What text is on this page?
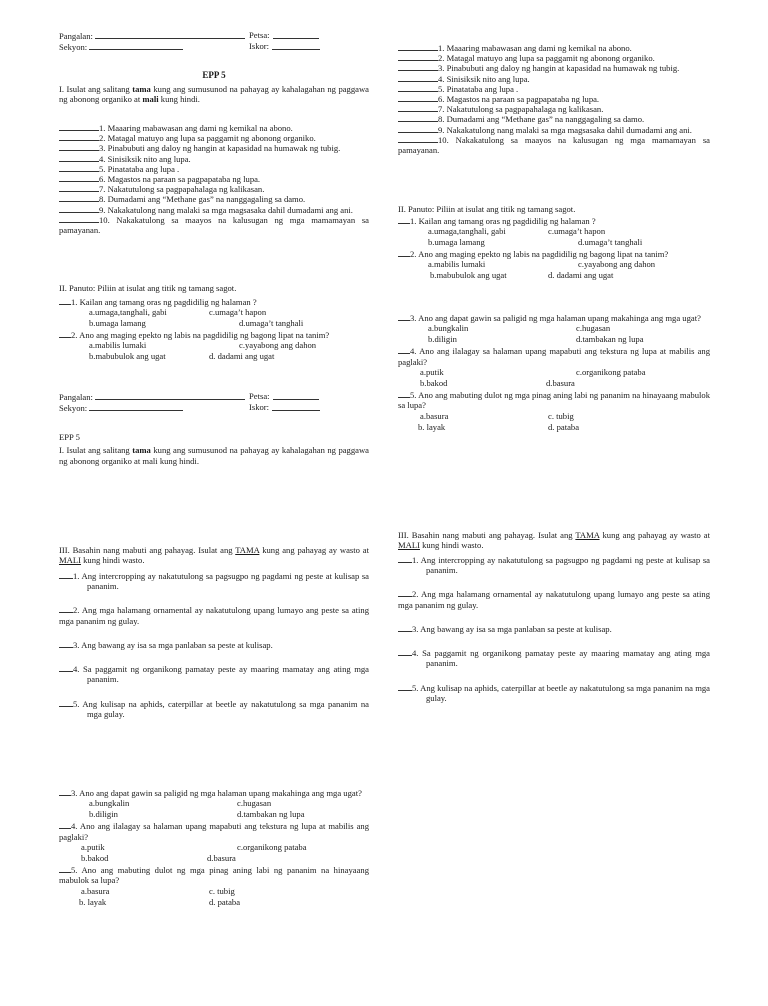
Pangalan:	Petsa:
Sekyon:	Iskor:
EPP 5
I. Isulat ang salitang tama kung ang sumusunod na pahayag ay kahalagahan ng paggawa ng abonong organiko at mali kung hindi.
1. Maaaring mabawasan ang dami ng kemikal na abono.
2. Matagal matuyo ang lupa sa paggamit ng abonong organiko.
3. Pinabubuti ang daloy ng hangin at kapasidad na humawak ng tubig.
4. Sinisiksik nito ang lupa.
5. Pinatataba ang lupa .
6. Magastos na paraan sa pagpapataba ng lupa.
7. Nakatutulong sa pagpapahalaga ng kalikasan.
8. Dumadami ang “Methane gas” na nanggagaling sa damo.
9. Nakakatulong nang malaki sa mga magsasaka dahil dumadami ang ani.
10. Nakakatulong sa maayos na kalusugan ng mga mamamayan sa pamayanan.
II. Panuto: Piliin at isulat ang titik ng tamang sagot.
1. Kailan ang tamang oras ng pagdidilig ng halaman ?
a.umaga,tanghali, gabi	c.umaga’t hapon
b.umaga lamang	d.umaga’t tanghali
2. Ano ang maging epekto ng labis na pagdidilig ng bagong lipat na tanim?
a.mabilis lumaki	c.yayabong ang dahon
b.mabubulok ang ugat	d. dadami ang ugat
Pangalan:	Petsa:
Sekyon:	Iskor:
EPP 5
I. Isulat ang salitang tama kung ang sumusunod na pahayag ay kahalagahan ng paggawa ng abonong organiko at mali kung hindi.
III. Basahin nang mabuti ang pahayag. Isulat ang TAMA kung ang pahayag ay wasto at MALI kung hindi wasto.
1. Ang intercropping ay nakatutulong sa pagsugpo ng pagdami ng peste at kulisap sa pananim.
2. Ang mga halamang ornamental ay nakatutulong upang lumayo ang peste sa ating mga pananim ng gulay.
3. Ang bawang ay isa sa mga panlaban sa peste at kulisap.
4. Sa paggamit ng organikong pamatay peste ay maaring mamatay ang ating mga pananim.
5. Ang kulisap na aphids, caterpillar at beetle ay nakatutulong sa mga pananim na mga gulay.
3. Ano ang dapat gawin sa paligid ng mga halaman upang makahinga ang mga ugat?
a.bungkalin	c.hugasan
b.diligin	d.tambakan ng lupa
4. Ano ang ilalagay sa halaman upang mapabuti ang tekstura ng lupa at mabilis ang paglaki?
a.putik	c.organikong pataba
b.bakod	d.basura
5. Ano ang mabuting dulot ng mga pinag aning labi ng pananim na hinayaang mabulok sa lupa?
a.basura	c. tubig
b. layak	d. pataba
1. Maaaring mabawasan ang dami ng kemikal na abono.
2. Matagal matuyo ang lupa sa paggamit ng abonong organiko.
3. Pinabubuti ang daloy ng hangin at kapasidad na humawak ng tubig.
4. Sinisiksik nito ang lupa.
5. Pinatataba ang lupa .
6. Magastos na paraan sa pagpapataba ng lupa.
7. Nakatutulong sa pagpapahalaga ng kalikasan.
8. Dumadami ang “Methane gas” na nanggagaling sa damo.
9. Nakakatulong nang malaki sa mga magsasaka dahil dumadami ang ani.
10. Nakakatulong sa maayos na kalusugan ng mga mamamayan sa pamayanan.
II. Panuto: Piliin at isulat ang titik ng tamang sagot.
1. Kailan ang tamang oras ng pagdidilig ng halaman ?
a.umaga,tanghali, gabi	c.umaga’t hapon
b.umaga lamang	d.umaga’t tanghali
2. Ano ang maging epekto ng labis na pagdidilig ng bagong lipat na tanim?
a.mabilis lumaki	c.yayabong ang dahon
b.mabubulok ang ugat	d. dadami ang ugat
3. Ano ang dapat gawin sa paligid ng mga halaman upang makahinga ang mga ugat?
a.bungkalin	c.hugasan
b.diligin	d.tambakan ng lupa
4. Ano ang ilalagay sa halaman upang mapabuti ang tekstura ng lupa at mabilis ang paglaki?
a.putik	c.organikong pataba
b.bakod	d.basura
5. Ano ang mabuting dulot ng mga pinag aning labi ng pananim na hinayaang mabulok sa lupa?
a.basura	c. tubig
b. layak	d. pataba
III. Basahin nang mabuti ang pahayag. Isulat ang TAMA kung ang pahayag ay wasto at MALI kung hindi wasto.
1. Ang intercropping ay nakatutulong sa pagsugpo ng pagdami ng peste at kulisap sa pananim.
2. Ang mga halamang ornamental ay nakatutulong upang lumayo ang peste sa ating mga pananim ng gulay.
3. Ang bawang ay isa sa mga panlaban sa peste at kulisap.
4. Sa paggamit ng organikong pamatay peste ay maaring mamatay ang ating mga pananim.
5. Ang kulisap na aphids, caterpillar at beetle ay nakatutulong sa mga pananim na mga gulay.
